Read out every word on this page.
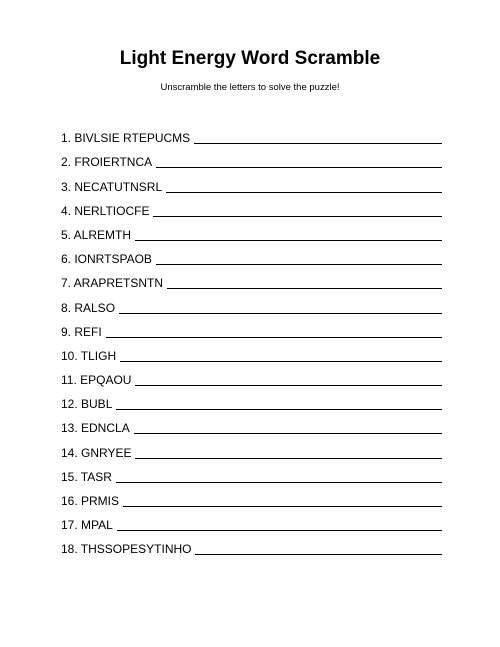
Light Energy Word Scramble

Unscramble the letters to solve the puzzle!

1. BIVLSIE RTEPUCMS
2. FROIERTNCA
3. NECATUTNSRL
4. NERLTIOCFE
5. ALREMTH
6. IONRTSPAOB
7. ARAPRETSNTN
8. RALSO
9. REFI
10. TLIGH
11. EPQAOU
12. BUBL
13. EDNCLA
14. GNRYEE
15. TASR
16. PRMIS
17. MPAL
18. THSSOPESYTINHO
